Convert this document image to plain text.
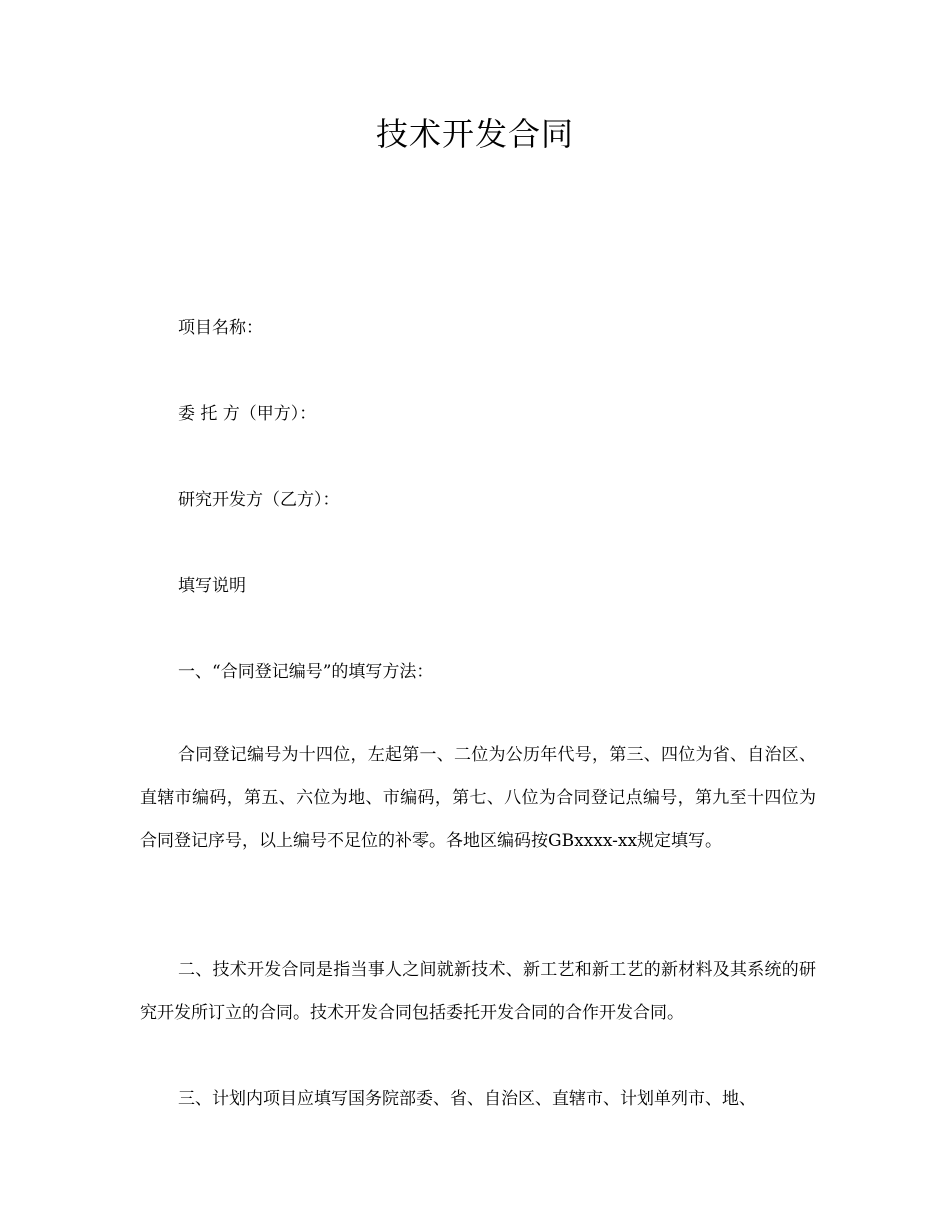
技术开发合同

项目名称：

委 托 方（甲方）：

研究开发方（乙方）：

填写说明

一、“合同登记编号”的填写方法：

合同登记编号为十四位，左起第一、二位为公历年代号，第三、四位为省、自治区、直辖市编码，第五、六位为地、市编码，第七、八位为合同登记点编号，第九至十四位为合同登记序号，以上编号不足位的补零。各地区编码按GBxxxx-xx规定填写。

二、技术开发合同是指当事人之间就新技术、新工艺和新工艺的新材料及其系统的研究开发所订立的合同。技术开发合同包括委托开发合同的合作开发合同。

三、计划内项目应填写国务院部委、省、自治区、直辖市、计划单列市、地、
